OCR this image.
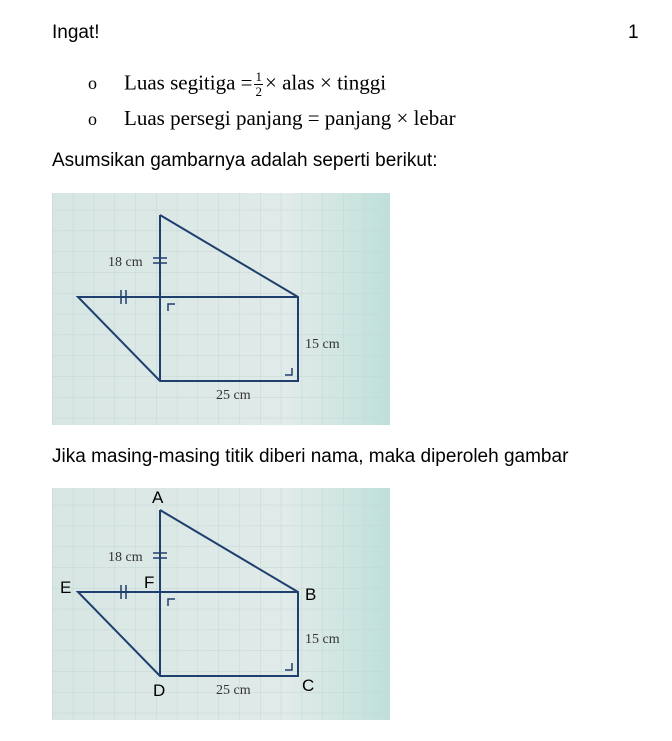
Ingat!	1
o Luas segitiga = $\frac{1}{2}$ × alas × tinggi
o Luas persegi panjang = panjang × lebar
Asumsikan gambarnya adalah seperti berikut:
18 cm
15 cm
25 cm
Jika masing-masing titik diberi nama, maka diperoleh gambar
18 cm
15 cm
25 cm
A
B
C
D
E	F
